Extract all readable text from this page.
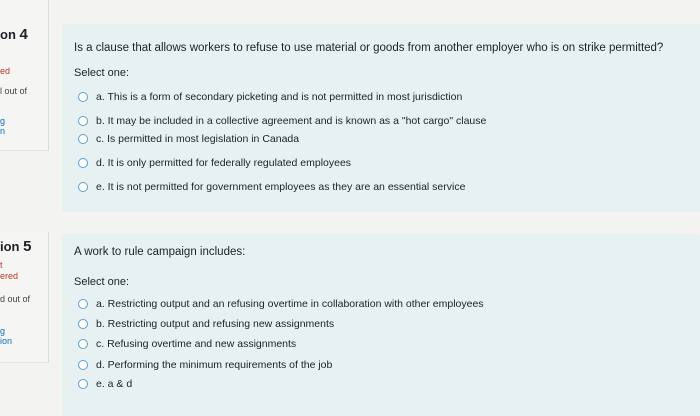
on 4
ed
l out of
g
n
Is a clause that allows workers to refuse to use material or goods from another employer who is on strike permitted?
Select one:
a. This is a form of secondary picketing and is not permitted in most jurisdiction
b. It may be included in a collective agreement and is known as a "hot cargo" clause
c. Is permitted in most legislation in Canada
d. It is only permitted for federally regulated employees
e. It is not permitted for government employees as they are an essential service
ion 5
t
ered
d out of
g
ion
A work to rule campaign includes:
Select one:
a. Restricting output and an refusing overtime in collaboration with other employees
b. Restricting output and refusing new assignments
c. Refusing overtime and new assignments
d. Performing the minimum requirements of the job
e. a & d
